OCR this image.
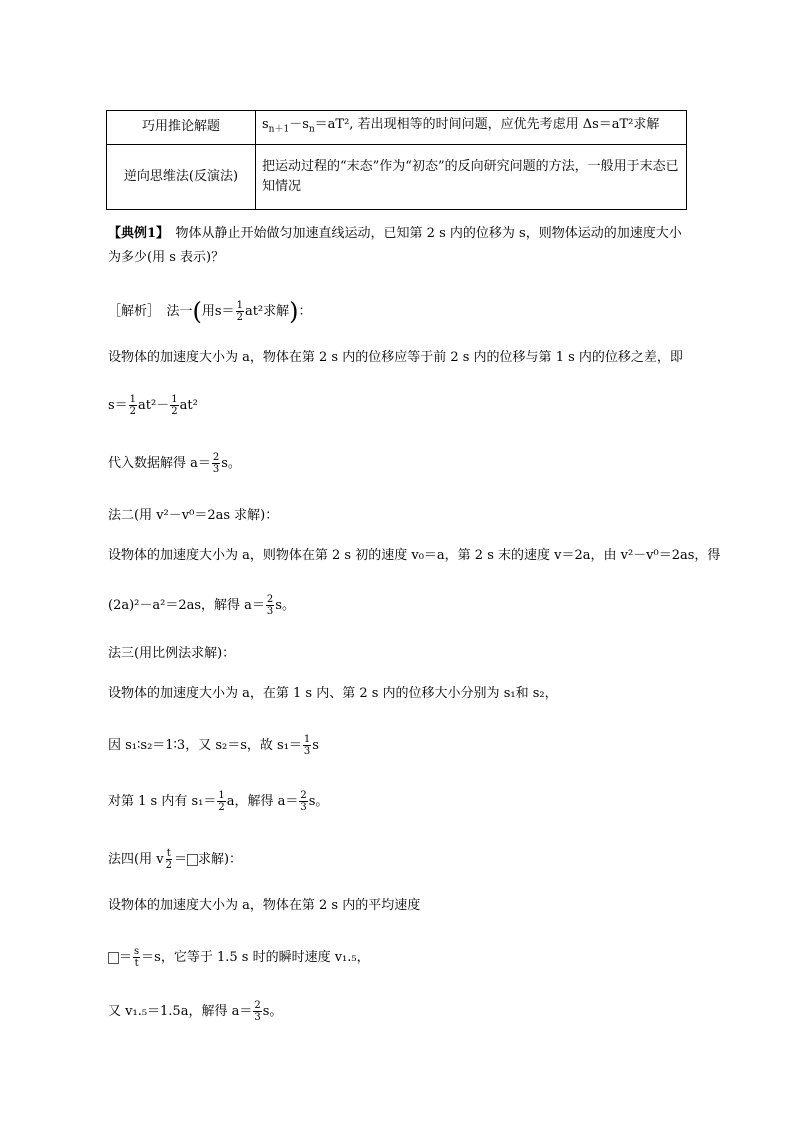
巧用推论解题	$s_{n+1}-s_n=aT^2$, 若出现相等的时间问题，应优先考虑用 Δs＝aT²求解
逆向思维法(反演法)	把运动过程的“末态”作为“初态”的反向研究问题的方法，一般用于末态已知情况
【典例1】　物体从静止开始做匀加速直线运动，已知第 2 s 内的位移为 s，则物体运动的加速度大小为多少(用 s 表示)？
［解析］　法一(用$s= \frac{1}{2} at^2$求解)：
设物体的加速度大小为 a，物体在第 2 s 内的位移应等于前 2 s 内的位移与第 1 s 内的位移之差，即
$s= \frac{1}{2} at^2- \frac{1}{2} at^2$
代入数据解得 $a= \frac{2}{3}$ s。
法二(用 v²－v⁰＝2as 求解)：
设物体的加速度大小为 a，则物体在第 2 s 初的速度 v₀＝a，第 2 s 末的速度 v＝2a，由 v²－v⁰＝2as，得
(2a)²－a²＝2as，解得 $a= \frac{2}{3}$ s。
法三(用比例法求解)：
设物体的加速度大小为 a，在第 1 s 内、第 2 s 内的位移大小分别为 s₁和 s₂，
因 s₁∶s₂＝1∶3，又 s₂＝s，故 $s_1= \frac{1}{3}$ s
对第 1 s 内有 $s_1= \frac{1}{2}$ a，解得 $a= \frac{2}{3}$ s。
法四(用 v $\frac{t}{2}$ ＝ 求解)：
设物体的加速度大小为 a，物体在第 2 s 内的平均速度
＝ $\frac{s}{t} =s$，它等于 1.5 s 时的瞬时速度 v₁.₅，
又 v₁.₅＝1.5a，解得 $a= \frac{2}{3}$ s。
